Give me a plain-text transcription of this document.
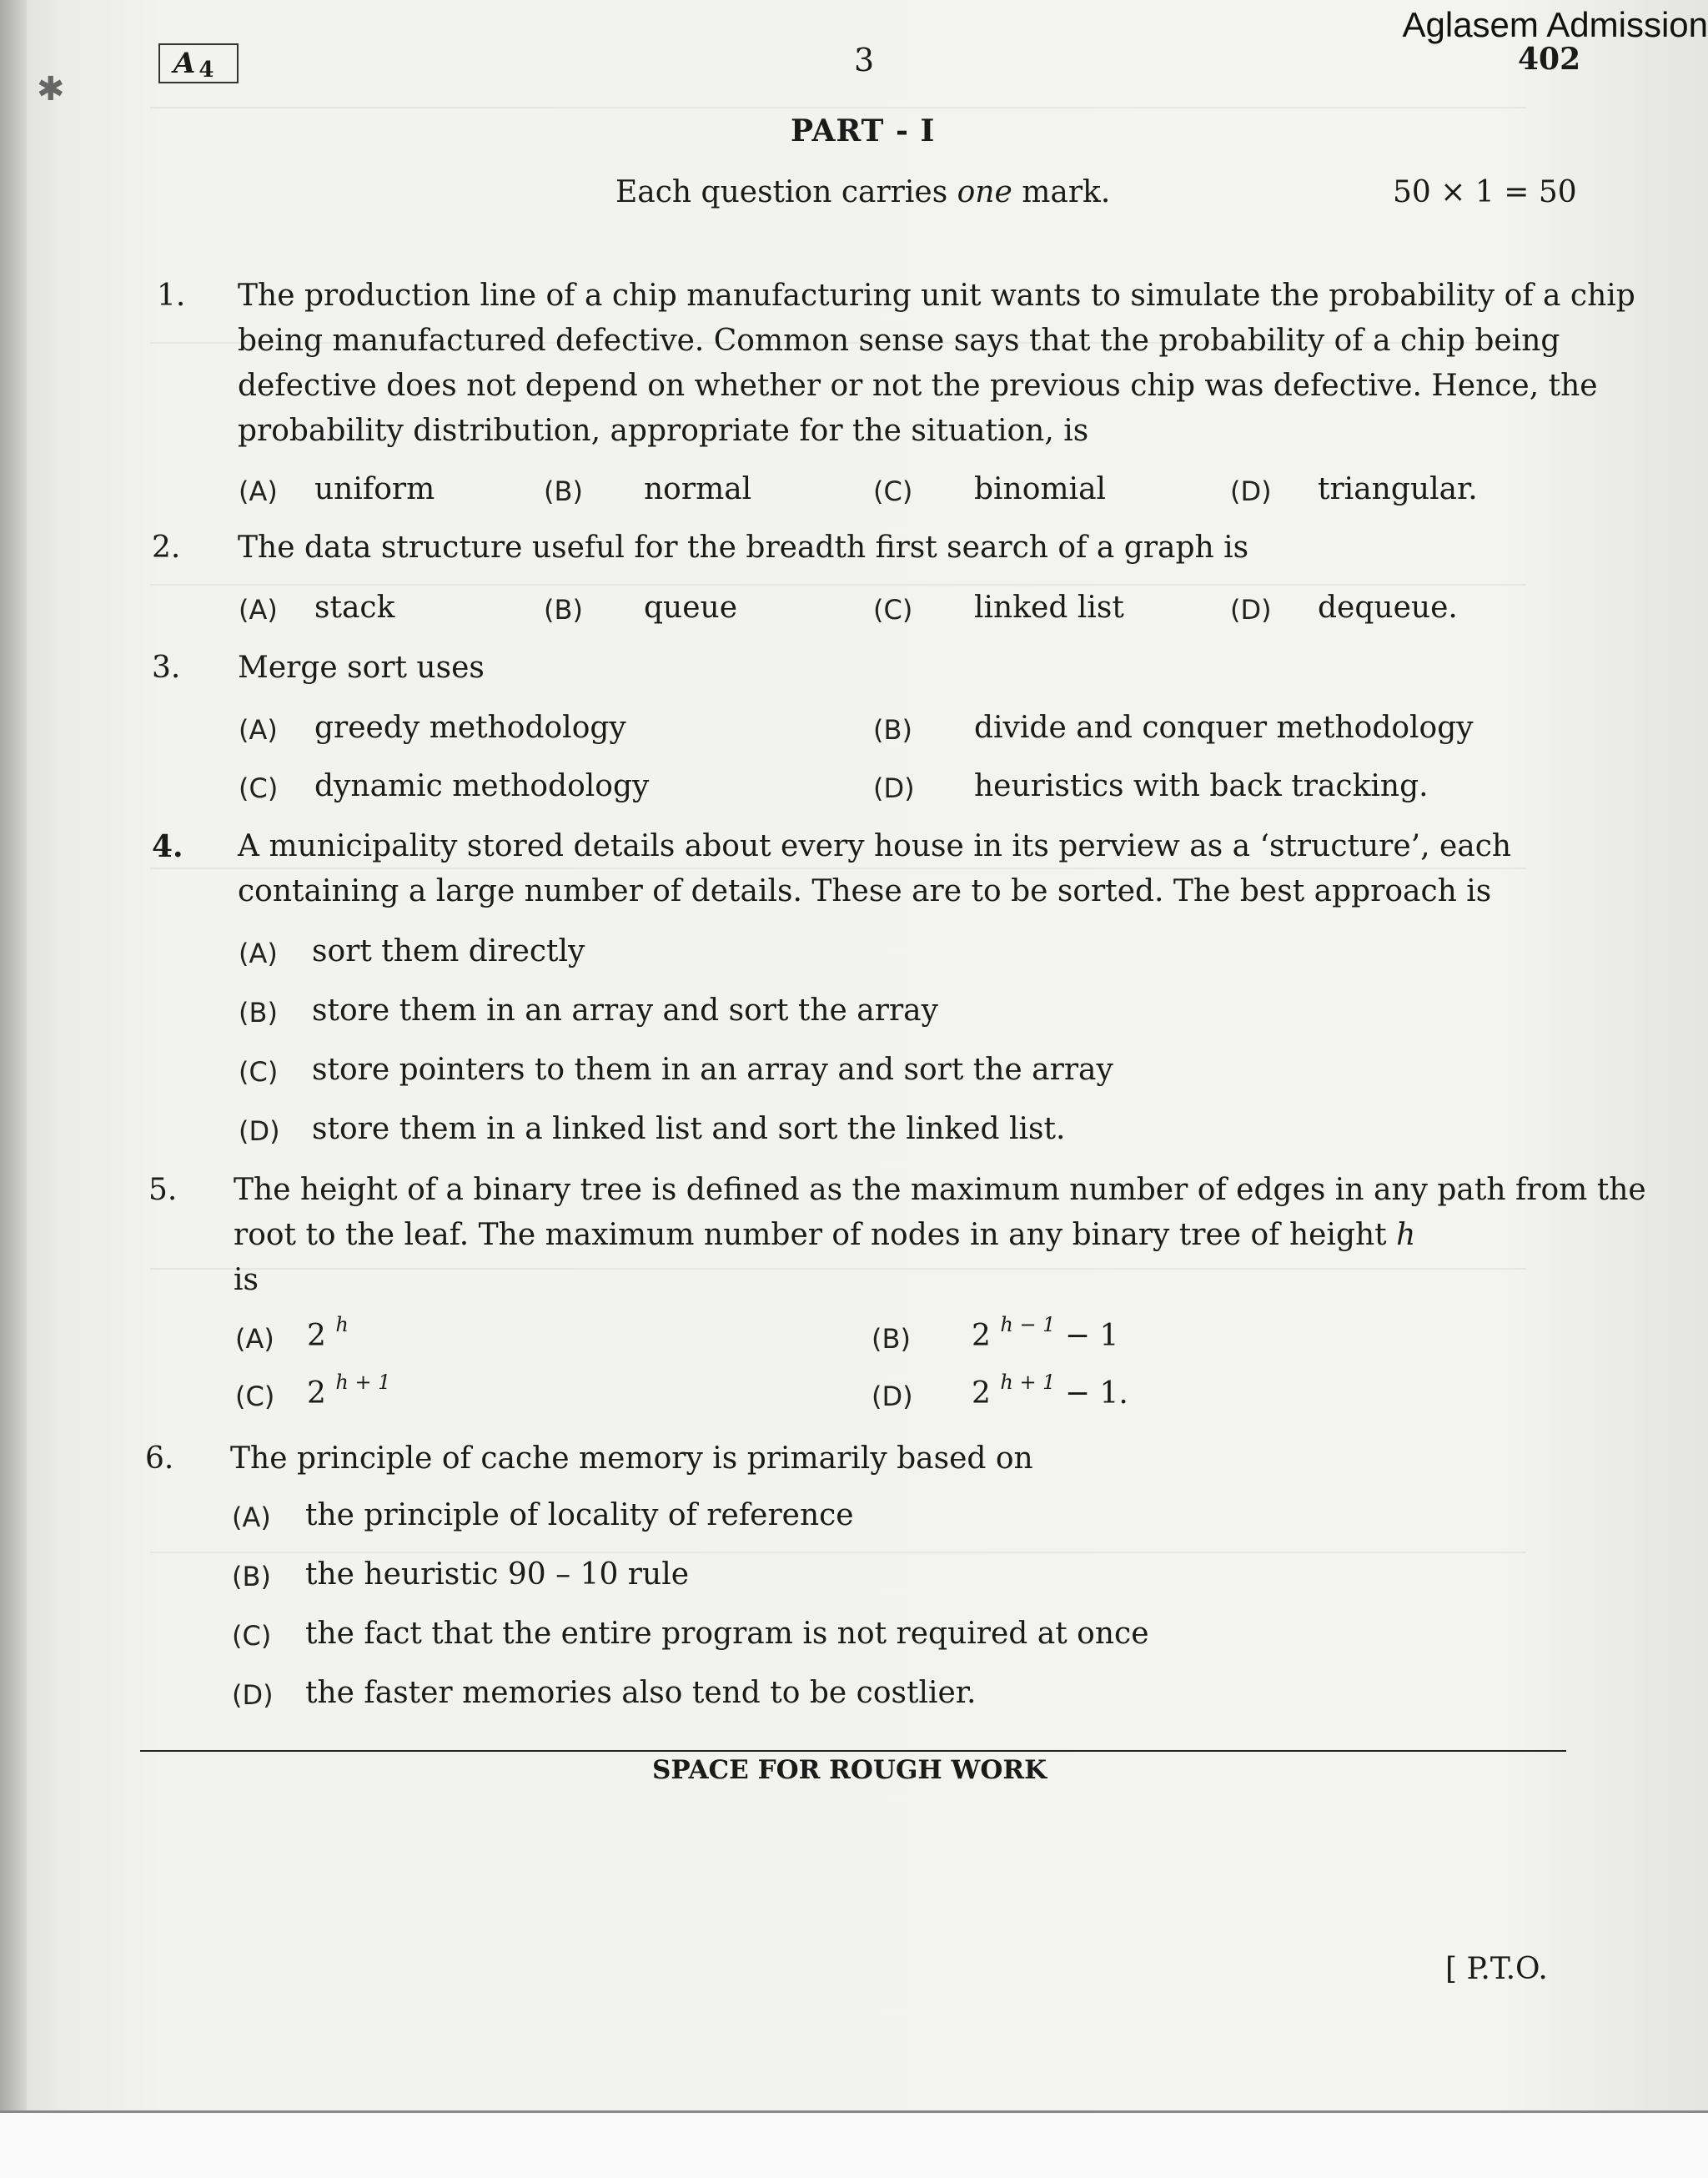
Aglasem Admission
✱
$A_4$	3	402
PART - I
Each question carries one mark.	50 × 1 = 50
1. The production line of a chip manufacturing unit wants to simulate the probability of a chip being manufactured defective. Common sense says that the probability of a chip being defective does not depend on whether or not the previous chip was defective. Hence, the probability distribution, appropriate for the situation, is
(A) uniform	(B) normal	(C) binomial	(D) triangular.
2. The data structure useful for the breadth first search of a graph is
(A) stack	(B) queue	(C) linked list	(D) dequeue.
3. Merge sort uses
(A) greedy methodology	(B) divide and conquer methodology
(C) dynamic methodology	(D) heuristics with back tracking.
4. A municipality stored details about every house in its perview as a ‘structure’, each containing a large number of details. These are to be sorted. The best approach is
(A) sort them directly
(B) store them in an array and sort the array
(C) store pointers to them in an array and sort the array
(D) store them in a linked list and sort the linked list.
5. The height of a binary tree is defined as the maximum number of edges in any path from the root to the leaf. The maximum number of nodes in any binary tree of height h
is
(A) 2 $^h$	(B) 2 $^{h - 1}$ − 1
(C) 2 $^{h + 1}$	(D) 2 $^{h + 1}$ − 1.
6. The principle of cache memory is primarily based on
(A) the principle of locality of reference
(B) the heuristic 90 – 10 rule
(C) the fact that the entire program is not required at once
(D) the faster memories also tend to be costlier.
SPACE FOR ROUGH WORK
[ P.T.O.
